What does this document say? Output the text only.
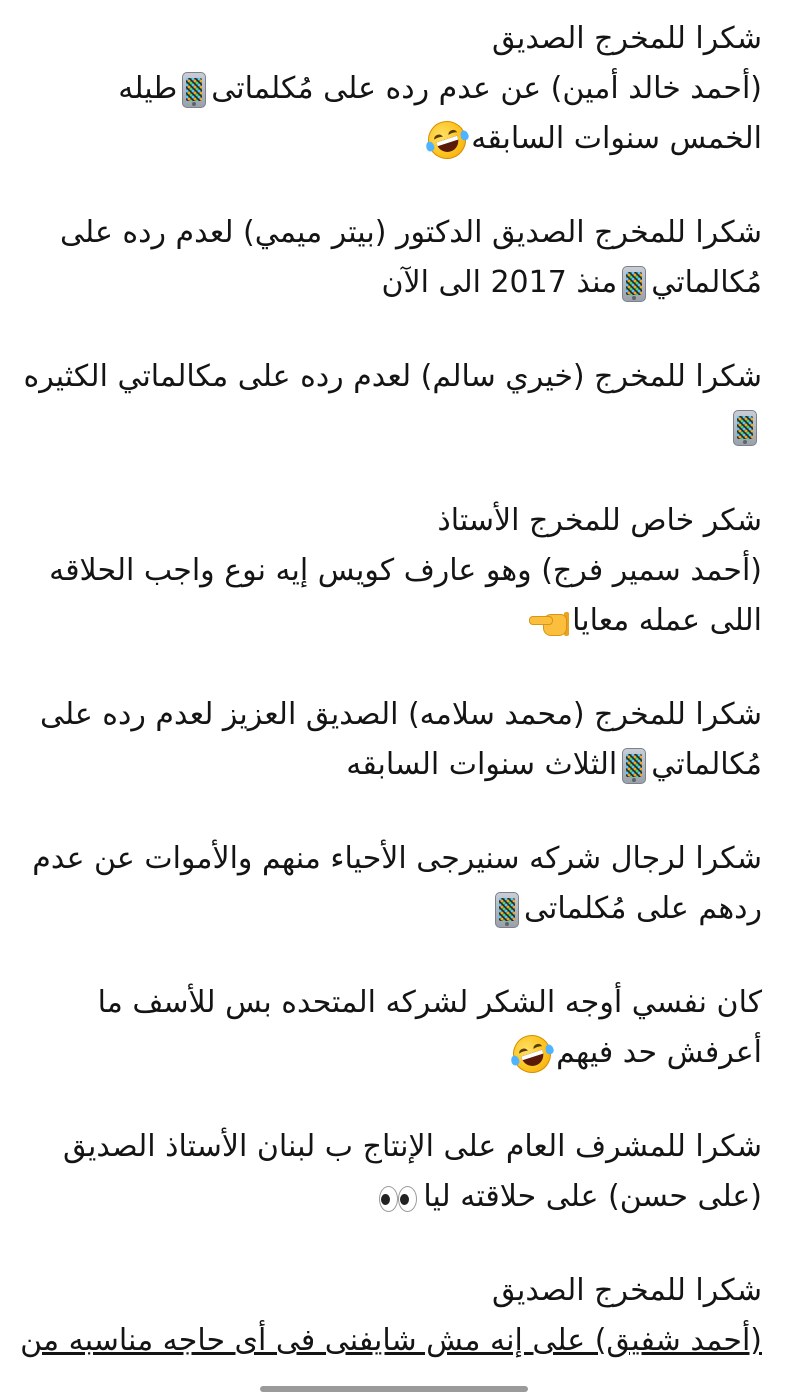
شكرا للمخرج الصديق
(أحمد خالد أمين) عن عدم رده على مُكلماتى
طيله
الخمس سنوات السابقه
شكرا للمخرج الصديق الدكتور (بيتر ميمي) لعدم رده على
مُكالماتي
منذ 2017 الى الآن
شكرا للمخرج (خيري سالم) لعدم رده على مكالماتي الكثيره
شكر خاص للمخرج الأستاذ
(أحمد سمير فرج) وهو عارف كويس إيه نوع واجب الحلاقه
اللى عمله معايا
شكرا للمخرج (محمد سلامه) الصديق العزيز لعدم رده على
مُكالماتي
الثلاث سنوات السابقه
شكرا لرجال شركه سنيرجى الأحياء منهم والأموات عن عدم
ردهم على مُكلماتى
كان نفسي أوجه الشكر لشركه المتحده بس للأسف ما
أعرفش حد فيهم
شكرا للمشرف العام على الإنتاج ب لبنان الأستاذ الصديق
(على حسن) على حلاقته ليا
شكرا للمخرج الصديق
(أحمد شفيق) على إنه مش شايفنى فى أى حاجه مناسبه من
